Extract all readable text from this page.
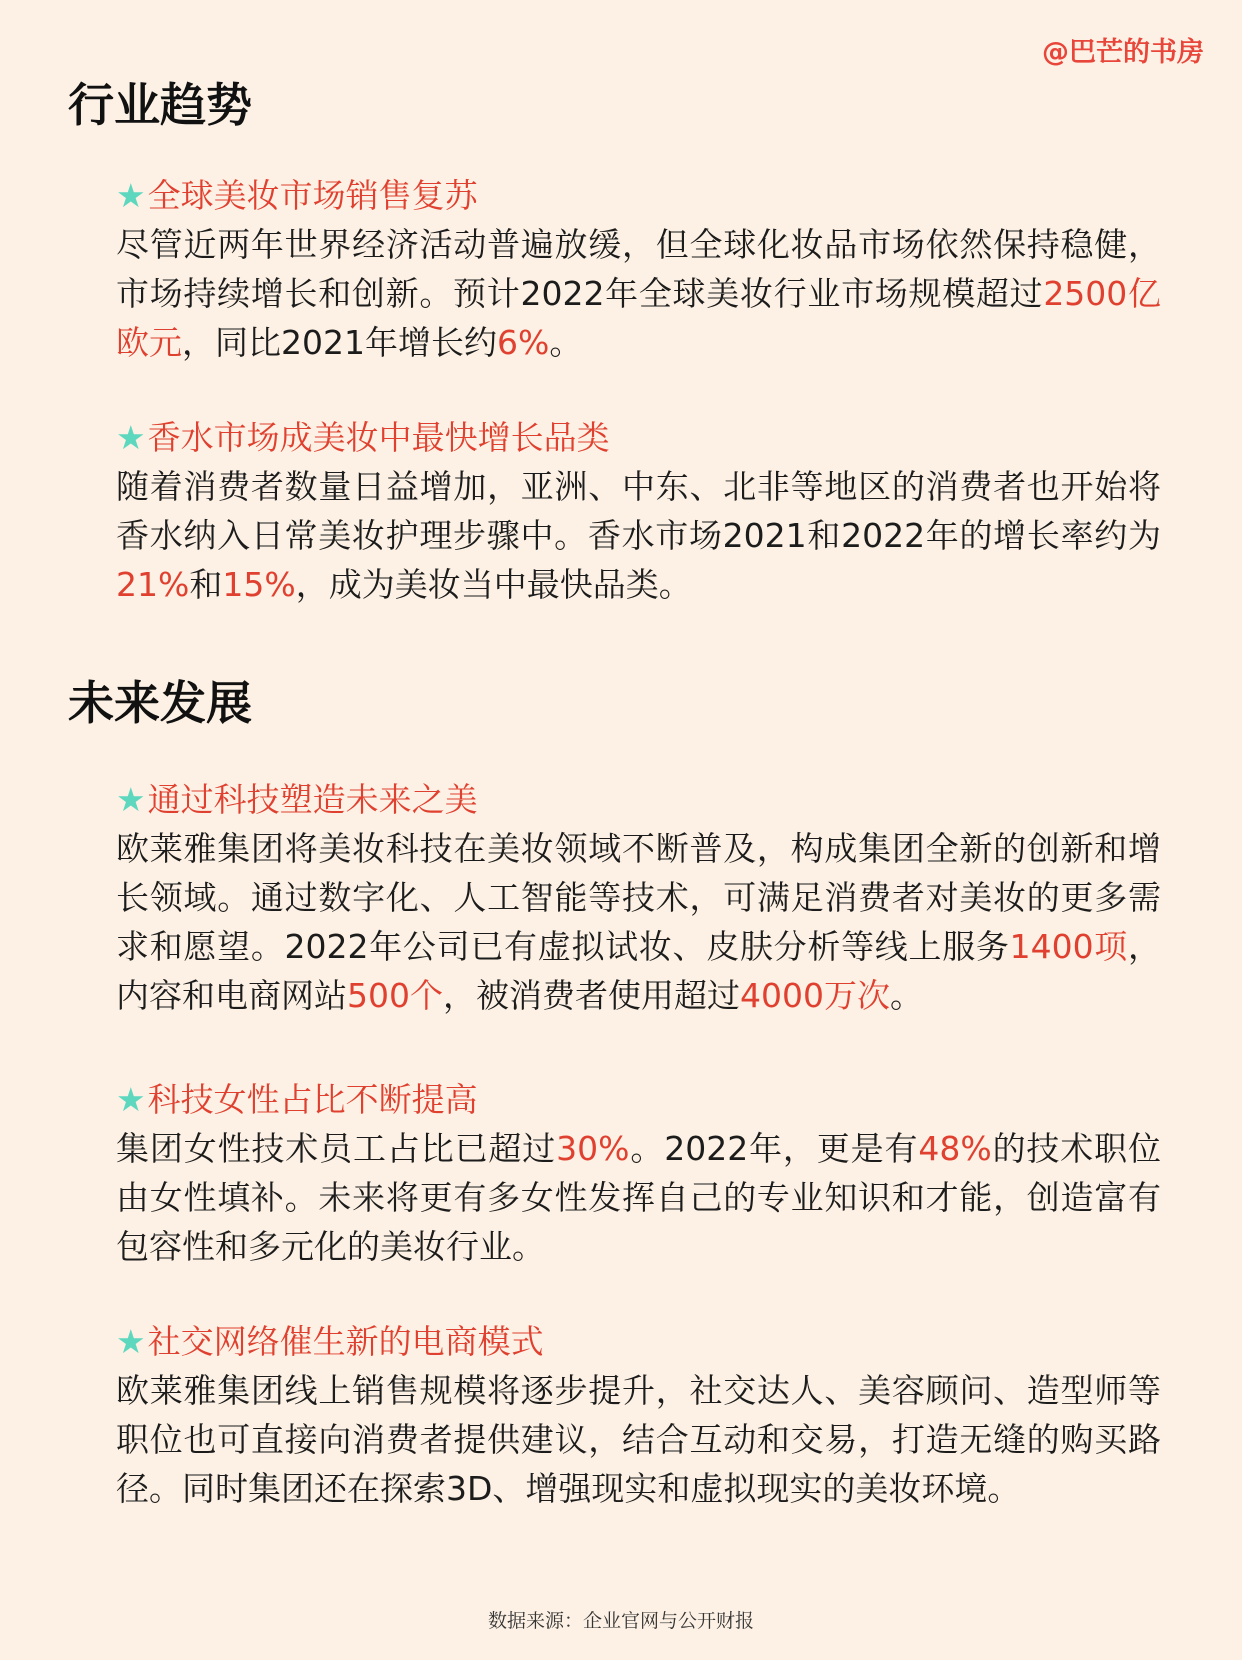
@巴芒的书房
行业趋势

★全球美妆市场销售复苏

尽管近两年世界经济活动普遍放缓，但全球化妆品市场依然保持稳健，市场持续增长和创新。预计2022年全球美妆行业市场规模超过2500亿欧元，同比2021年增长约6%。

★香水市场成美妆中最快增长品类

随着消费者数量日益增加，亚洲、中东、北非等地区的消费者也开始将香水纳入日常美妆护理步骤中。香水市场2021和2022年的增长率约为21%和15%，成为美妆当中最快品类。

未来发展

★通过科技塑造未来之美

欧莱雅集团将美妆科技在美妆领域不断普及，构成集团全新的创新和增长领域。通过数字化、人工智能等技术，可满足消费者对美妆的更多需求和愿望。2022年公司已有虚拟试妆、皮肤分析等线上服务1400项，内容和电商网站500个，被消费者使用超过4000万次。

★科技女性占比不断提高

集团女性技术员工占比已超过30%。2022年，更是有48%的技术职位由女性填补。未来将更有多女性发挥自己的专业知识和才能，创造富有包容性和多元化的美妆行业。

★社交网络催生新的电商模式

欧莱雅集团线上销售规模将逐步提升，社交达人、美容顾问、造型师等职位也可直接向消费者提供建议，结合互动和交易，打造无缝的购买路径。同时集团还在探索3D、增强现实和虚拟现实的美妆环境。

数据来源：企业官网与公开财报
